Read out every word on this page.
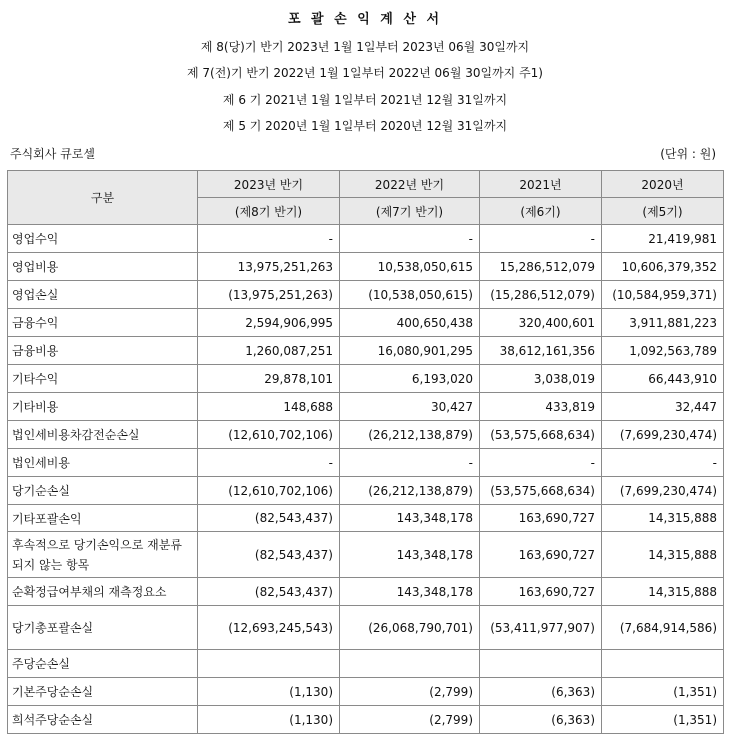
포 괄 손 익 계 산 서
제 8(당)기 반기 2023년 1월 1일부터 2023년 06월 30일까지
제 7(전)기 반기 2022년 1월 1일부터 2022년 06월 30일까지 주1)
제 6 기 2021년 1월 1일부터 2021년 12월 31일까지
제 5 기 2020년 1월 1일부터 2020년 12월 31일까지
주식회사 큐로셀	(단위 : 원)
구분	2023년 반기	2022년 반기	2021년	2020년
	(제8기 반기)	(제7기 반기)	(제6기)	(제5기)
영업수익	-	-	-	21,419,981
영업비용	13,975,251,263	10,538,050,615	15,286,512,079	10,606,379,352
영업손실	(13,975,251,263)	(10,538,050,615)	(15,286,512,079)	(10,584,959,371)
금융수익	2,594,906,995	400,650,438	320,400,601	3,911,881,223
금융비용	1,260,087,251	16,080,901,295	38,612,161,356	1,092,563,789
기타수익	29,878,101	6,193,020	3,038,019	66,443,910
기타비용	148,688	30,427	433,819	32,447
법인세비용차감전순손실	(12,610,702,106)	(26,212,138,879)	(53,575,668,634)	(7,699,230,474)
법인세비용	-	-	-	-
당기순손실	(12,610,702,106)	(26,212,138,879)	(53,575,668,634)	(7,699,230,474)
기타포괄손익	(82,543,437)	143,348,178	163,690,727	14,315,888
후속적으로 당기손익으로 재분류되지 않는 항목	(82,543,437)	143,348,178	163,690,727	14,315,888
순확정급여부채의 재측정요소	(82,543,437)	143,348,178	163,690,727	14,315,888
당기총포괄손실	(12,693,245,543)	(26,068,790,701)	(53,411,977,907)	(7,684,914,586)
주당순손실				
기본주당순손실	(1,130)	(2,799)	(6,363)	(1,351)
희석주당순손실	(1,130)	(2,799)	(6,363)	(1,351)
